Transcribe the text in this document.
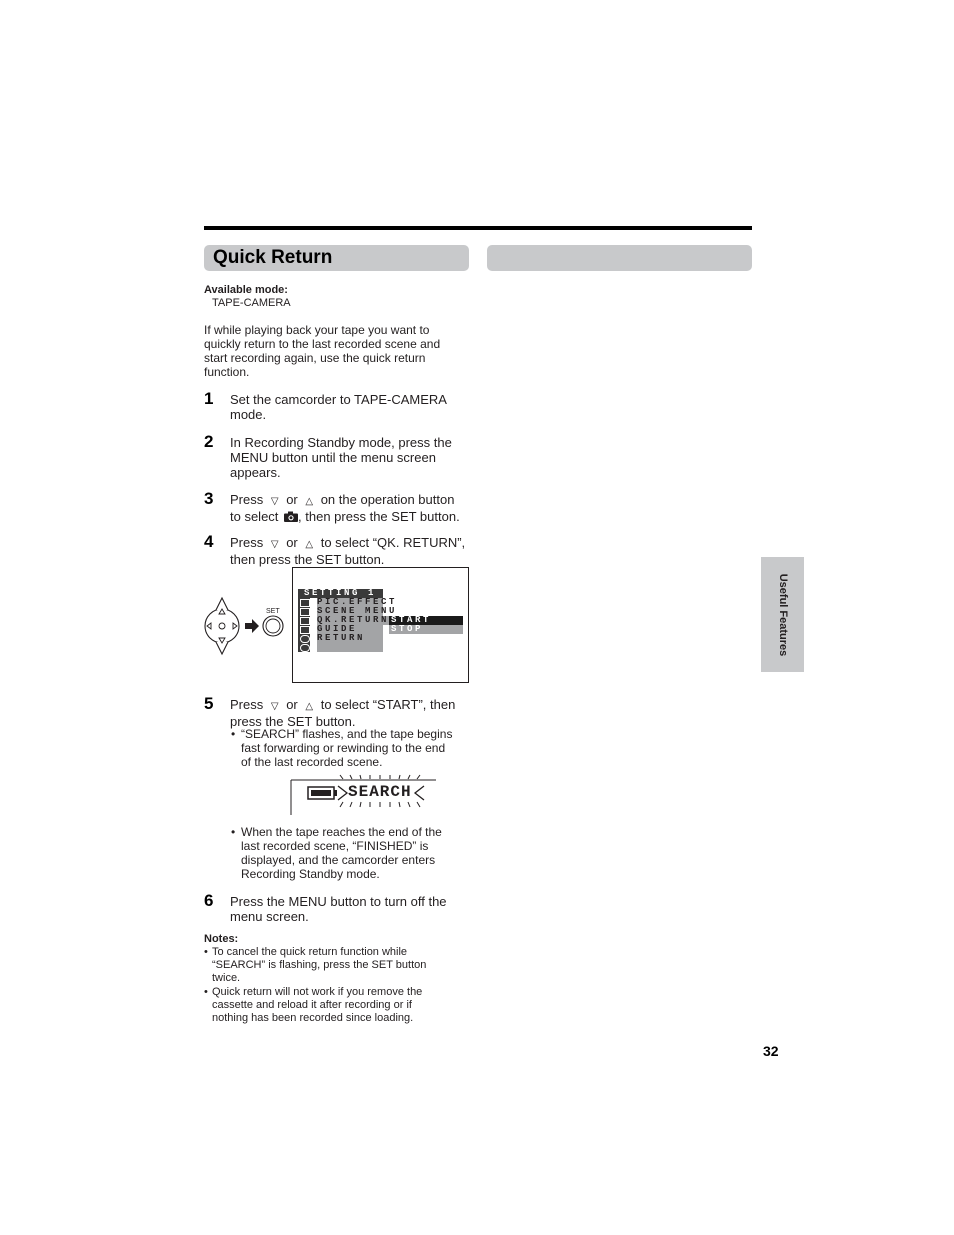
Quick Return
Available mode:
TAPE-CAMERA
If while playing back your tape you want to
quickly return to the last recorded scene and
start recording again, use the quick return
function.
1 Set the camcorder to TAPE-CAMERA
mode.
2 In Recording Standby mode, press the
MENU button until the menu screen
appears.
3 Press ▽ or △ on the operation button
to select , then press the SET button.
4 Press ▽ or △ to select “QK. RETURN”,
then press the SET button.
SET
SETTING 1
PIC.EFFECT
SCENE MENU
QK.RETURN
GUIDE
RETURN
START
STOP
5 Press ▽ or △ to select “START”, then
press the SET button.
• “SEARCH” flashes, and the tape begins
fast forwarding or rewinding to the end
of the last recorded scene.
SEARCH
• When the tape reaches the end of the
last recorded scene, “FINISHED” is
displayed, and the camcorder enters
Recording Standby mode.
6 Press the MENU button to turn off the
menu screen.
Notes:
• To cancel the quick return function while
“SEARCH” is flashing, press the SET button
twice.
• Quick return will not work if you remove the
cassette and reload it after recording or if
nothing has been recorded since loading.
Useful Features
32
